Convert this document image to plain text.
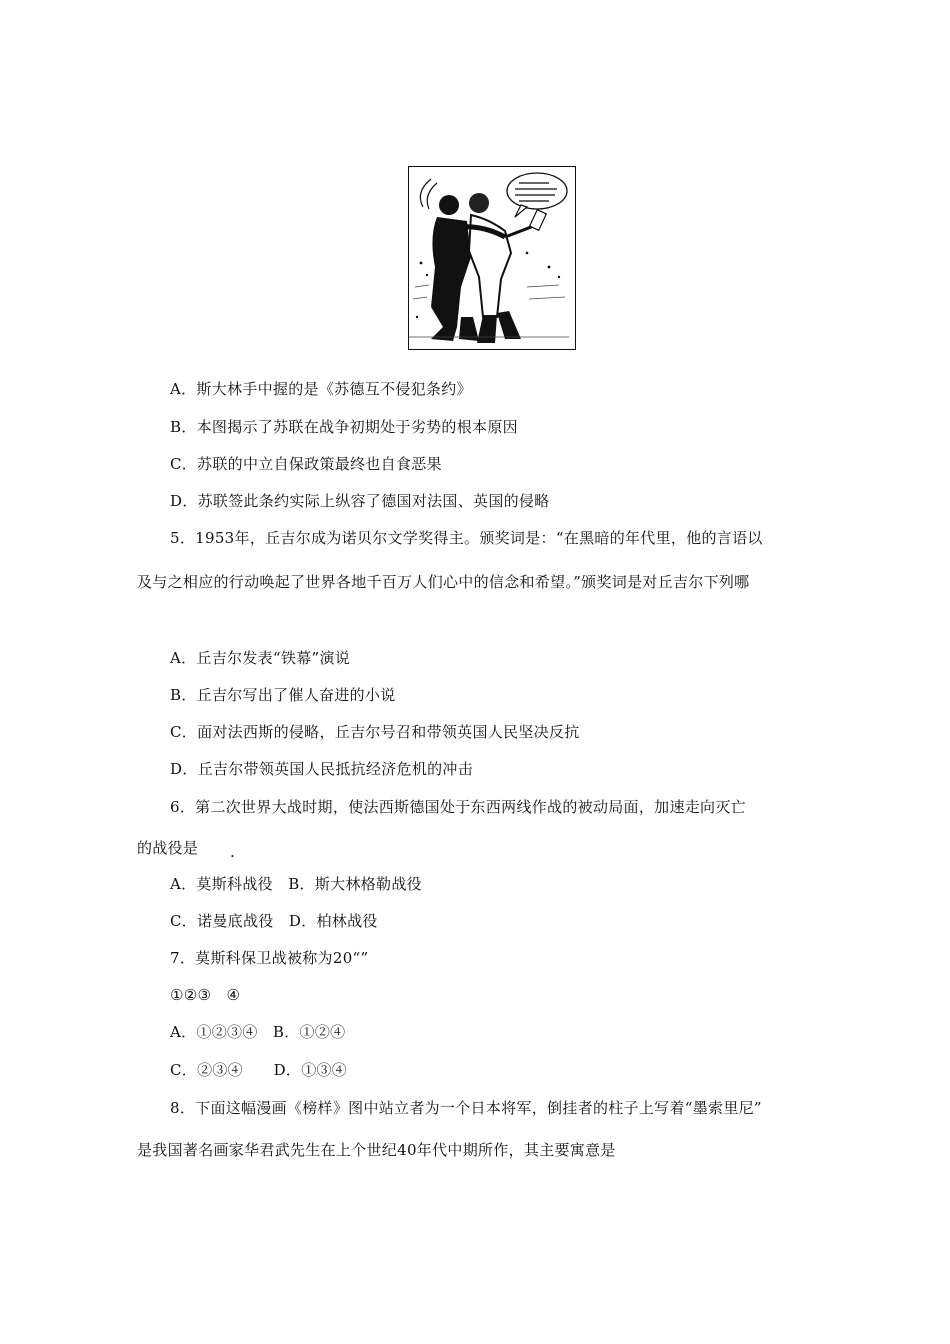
A．斯大林手中握的是《苏德互不侵犯条约》
B．本图揭示了苏联在战争初期处于劣势的根本原因
C．苏联的中立自保政策最终也自食恶果
D．苏联签此条约实际上纵容了德国对法国、英国的侵略
5．1953年，丘吉尔成为诺贝尔文学奖得主。颁奖词是：“在黑暗的年代里，他的言语以
及与之相应的行动唤起了世界各地千百万人们心中的信念和希望。”颁奖词是对丘吉尔下列哪
A．丘吉尔发表“铁幕”演说
B．丘吉尔写出了催人奋进的小说
C．面对法西斯的侵略，丘吉尔号召和带领英国人民坚决反抗
D．丘吉尔带领英国人民抵抗经济危机的冲击
6．第二次世界大战时期，使法西斯德国处于东西两线作战的被动局面，加速走向灭亡
的战役是 .
A．莫斯科战役　B．斯大林格勒战役
C．诺曼底战役　D．柏林战役
7．莫斯科保卫战被称为20“”
①②③　④
A．①②③④　B．①②④
C．②③④　　D．①③④
8．下面这幅漫画《榜样》图中站立者为一个日本将军，倒挂者的柱子上写着“墨索里尼”
是我国著名画家华君武先生在上个世纪40年代中期所作，其主要寓意是
